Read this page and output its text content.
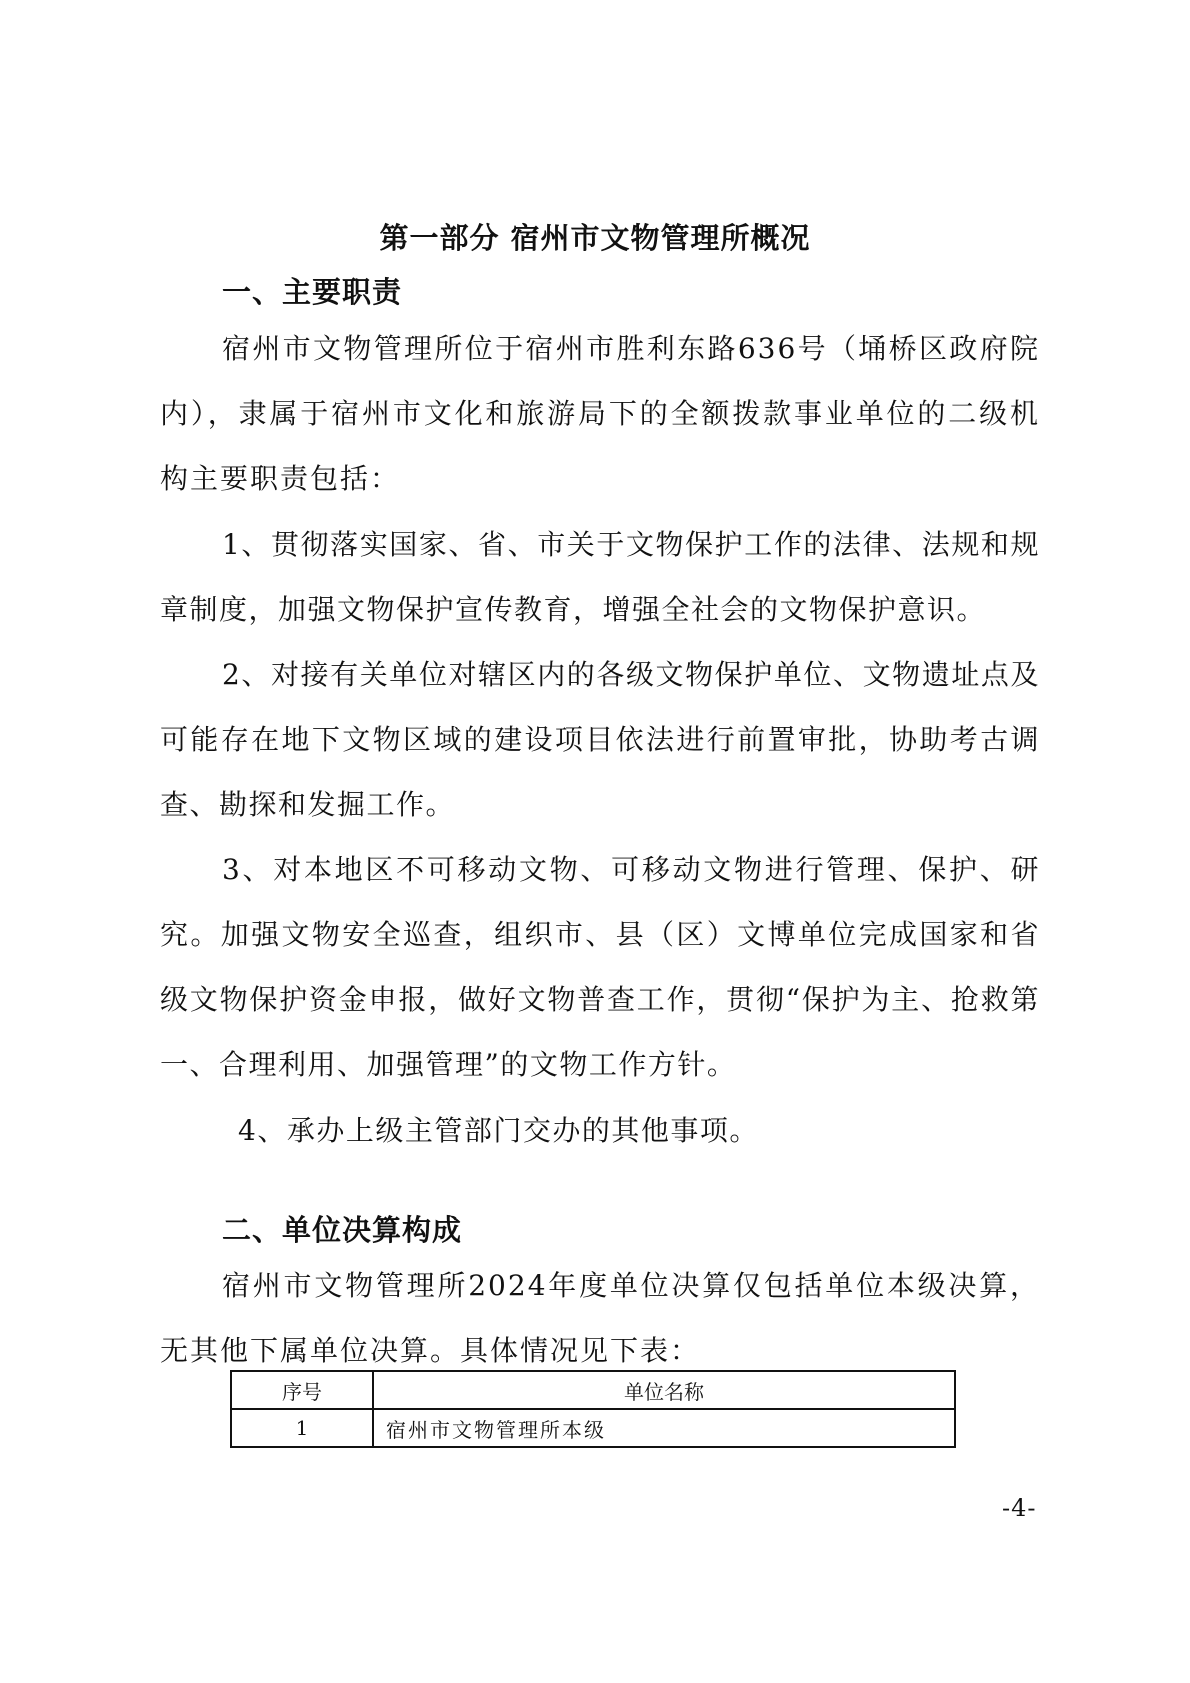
第一部分 宿州市文物管理所概况
一、主要职责

宿州市文物管理所位于宿州市胜利东路636号（埇桥区政府院内），隶属于宿州市文化和旅游局下的全额拨款事业单位的二级机构主要职责包括：

1、贯彻落实国家、省、市关于文物保护工作的法律、法规和规章制度，加强文物保护宣传教育，增强全社会的文物保护意识。

2、对接有关单位对辖区内的各级文物保护单位、文物遗址点及可能存在地下文物区域的建设项目依法进行前置审批，协助考古调查、勘探和发掘工作。

3、对本地区不可移动文物、可移动文物进行管理、保护、研究。加强文物安全巡查，组织市、县（区）文博单位完成国家和省级文物保护资金申报，做好文物普查工作，贯彻“保护为主、抢救第一、合理利用、加强管理”的文物工作方针。

4、承办上级主管部门交办的其他事项。

二、单位决算构成

宿州市文物管理所2024年度单位决算仅包括单位本级决算，无其他下属单位决算。具体情况见下表：

序号	单位名称
1	宿州市文物管理所本级
-4-
